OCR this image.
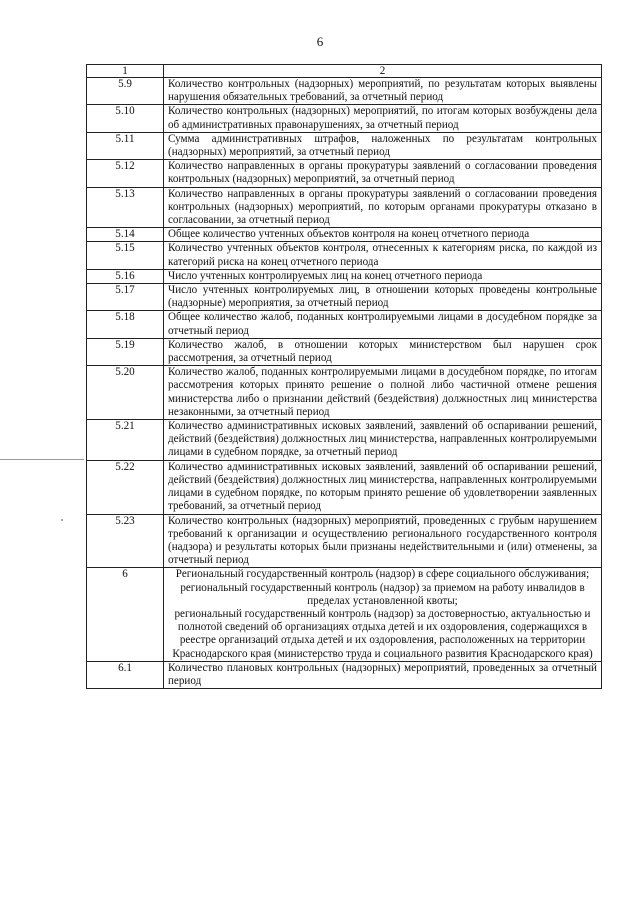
6
1	2
5.9	Количество контрольных (надзорных) мероприятий, по результатам которых выявлены нарушения обязательных требований, за отчетный период
5.10	Количество контрольных (надзорных) мероприятий, по итогам которых возбуждены дела об административных правонарушениях, за отчетный период
5.11	Сумма административных штрафов, наложенных по результатам контрольных (надзорных) мероприятий, за отчетный период
5.12	Количество направленных в органы прокуратуры заявлений о согласовании проведения контрольных (надзорных) мероприятий, за отчетный период
5.13	Количество направленных в органы прокуратуры заявлений о согласовании проведения контрольных (надзорных) мероприятий, по которым органами прокуратуры отказано в согласовании, за отчетный период
5.14	Общее количество учтенных объектов контроля на конец отчетного периода
5.15	Количество учтенных объектов контроля, отнесенных к категориям риска, по каждой из категорий риска на конец отчетного периода
5.16	Число учтенных контролируемых лиц на конец отчетного периода
5.17	Число учтенных контролируемых лиц, в отношении которых проведены контрольные (надзорные) мероприятия, за отчетный период
5.18	Общее количество жалоб, поданных контролируемыми лицами в досудебном порядке за отчетный период
5.19	Количество жалоб, в отношении которых министерством был нарушен срок рассмотрения, за отчетный период
5.20	Количество жалоб, поданных контролируемыми лицами в досудебном порядке, по итогам рассмотрения которых принято решение о полной либо частичной отмене решения министерства либо о признании действий (бездействия) должностных лиц министерства незаконными, за отчетный период
5.21	Количество административных исковых заявлений, заявлений об оспаривании решений, действий (бездействия) должностных лиц министерства, направленных контролируемыми лицами в судебном порядке, за отчетный период
5.22	Количество административных исковых заявлений, заявлений об оспаривании решений, действий (бездействия) должностных лиц министерства, направленных контролируемыми лицами в судебном порядке, по которым принято решение об удовлетворении заявленных требований, за отчетный период
5.23	Количество контрольных (надзорных) мероприятий, проведенных с грубым нарушением требований к организации и осуществлению регионального государственного контроля (надзора) и результаты которых были признаны недействительными и (или) отменены, за отчетный период
6	Региональный государственный контроль (надзор) в сфере социального обслуживания;
региональный государственный контроль (надзор) за приемом на работу инвалидов в пределах установленной квоты;
региональный государственный контроль (надзор) за достоверностью, актуальностью и полнотой сведений об организациях отдыха детей и их оздоровления, содержащихся в реестре организаций отдыха детей и их оздоровления, расположенных на территории Краснодарского края (министерство труда и социального развития Краснодарского края)

6.1	Количество плановых контрольных (надзорных) мероприятий, проведенных за отчетный период
